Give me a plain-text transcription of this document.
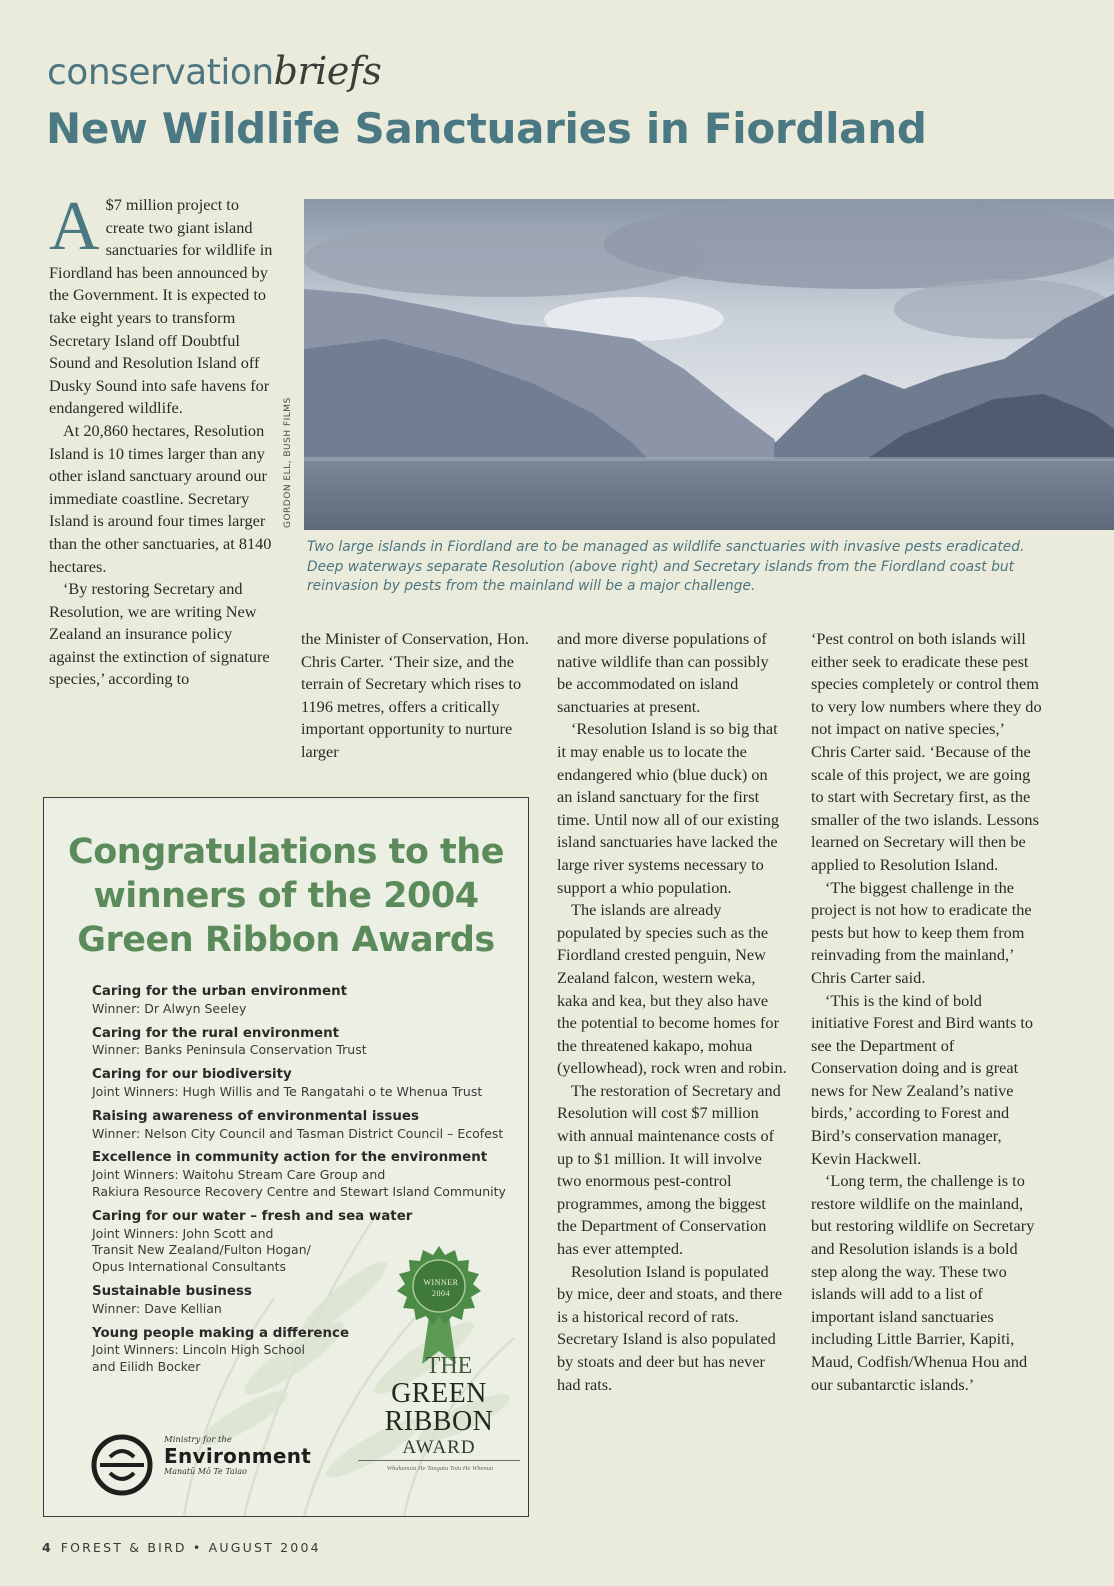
conservationbriefs
New Wildlife Sanctuaries in Fiordland
A $7 million project to create two giant island sanctuaries for wildlife in Fiordland has been announced by the Government. It is expected to take eight years to transform Secretary Island off Doubtful Sound and Resolution Island off Dusky Sound into safe havens for endangered wildlife.

At 20,860 hectares, Resolution Island is 10 times larger than any other island sanctuary around our immediate coastline. Secretary Island is around four times larger than the other sanctuaries, at 8140 hectares.

‘By restoring Secretary and Resolution, we are writing New Zealand an insurance policy against the extinction of signature species,’ according to

GORDON ELL, BUSH FILMS
Two large islands in Fiordland are to be managed as wildlife sanctuaries with invasive pests eradicated. Deep waterways separate Resolution (above right) and Secretary islands from the Fiordland coast but reinvasion by pests from the mainland will be a major challenge.

the Minister of Conservation, Hon. Chris Carter. ‘Their size, and the terrain of Secretary which rises to 1196 metres, offers a critically important opportunity to nurture larger

and more diverse populations of native wildlife than can possibly be accommodated on island sanctuaries at present.

‘Resolution Island is so big that it may enable us to locate the endangered whio (blue duck) on an island sanctuary for the first time. Until now all of our existing island sanctuaries have lacked the large river systems necessary to support a whio population.

The islands are already populated by species such as the Fiordland crested penguin, New Zealand falcon, western weka, kaka and kea, but they also have the potential to become homes for the threatened kakapo, mohua (yellowhead), rock wren and robin.

The restoration of Secretary and Resolution will cost $7 million with annual maintenance costs of up to $1 million. It will involve two enormous pest-control programmes, among the biggest the Department of Conservation has ever attempted.

Resolution Island is populated by mice, deer and stoats, and there is a historical record of rats. Secretary Island is also populated by stoats and deer but has never had rats.

‘Pest control on both islands will either seek to eradicate these pest species completely or control them to very low numbers where they do not impact on native species,’ Chris Carter said. ‘Because of the scale of this project, we are going to start with Secretary first, as the smaller of the two islands. Lessons learned on Secretary will then be applied to Resolution Island.

‘The biggest challenge in the project is not how to eradicate the pests but how to keep them from reinvading from the mainland,’ Chris Carter said.

‘This is the kind of bold initiative Forest and Bird wants to see the Department of Conservation doing and is great news for New Zealand’s native birds,’ according to Forest and Bird’s conservation manager, Kevin Hackwell.

‘Long term, the challenge is to restore wildlife on the mainland, but restoring wildlife on Secretary and Resolution islands is a bold step along the way. These two islands will add to a list of important island sanctuaries including Little Barrier, Kapiti, Maud, Codfish/Whenua Hou and our subantarctic islands.’

Congratulations to the
winners of the 2004
Green Ribbon Awards
Caring for the urban environment
Winner: Dr Alwyn Seeley
Caring for the rural environment
Winner: Banks Peninsula Conservation Trust
Caring for our biodiversity
Joint Winners: Hugh Willis and Te Rangatahi o te Whenua Trust
Raising awareness of environmental issues
Winner: Nelson City Council and Tasman District Council – Ecofest
Excellence in community action for the environment
Joint Winners: Waitohu Stream Care Group and
Rakiura Resource Recovery Centre and Stewart Island Community
Caring for our water – fresh and sea water
Joint Winners: John Scott and
Transit New Zealand/Fulton Hogan/
Opus International Consultants
Sustainable business
Winner: Dave Kellian
Young people making a difference
Joint Winners: Lincoln High School
and Eilidh Bocker
Ministry for the
Environment
Manatū Mō Te Taiao
WINNER
2004
THE
GREEN
RIBBON
AWARD
Whakanuia He Tangata Toiu He Whenua
4 FOREST & BIRD • AUGUST 2004
